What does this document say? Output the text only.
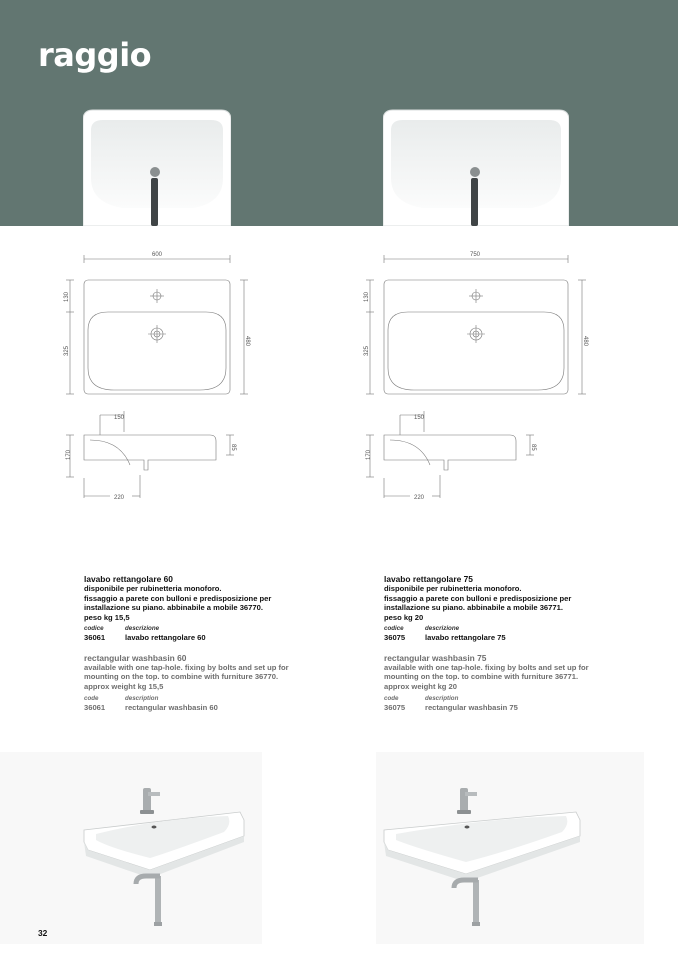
raggio
600
130
325
480
150
170
85
220
750
130
325
480
150
170
85
220
lavabo rettangolare 60
disponibile per rubinetteria monoforo.
fissaggio a parete con bulloni e predisposizione per
installazione su piano. abbinabile a mobile 36770.
peso kg 15,5
codice	descrizione
36061	lavabo rettangolare 60
rectangular washbasin 60
available with one tap-hole. fixing by bolts and set up for
mounting on the top. to combine with furniture 36770.
approx weight kg 15,5
code	description
36061	rectangular washbasin 60
lavabo rettangolare 75
disponibile per rubinetteria monoforo.
fissaggio a parete con bulloni e predisposizione per
installazione su piano. abbinabile a mobile 36771.
peso kg 20
codice	descrizione
36075	lavabo rettangolare 75
rectangular washbasin 75
available with one tap-hole. fixing by bolts and set up for
mounting on the top. to combine with furniture 36771.
approx weight kg 20
code	description
36075	rectangular washbasin 75
32
